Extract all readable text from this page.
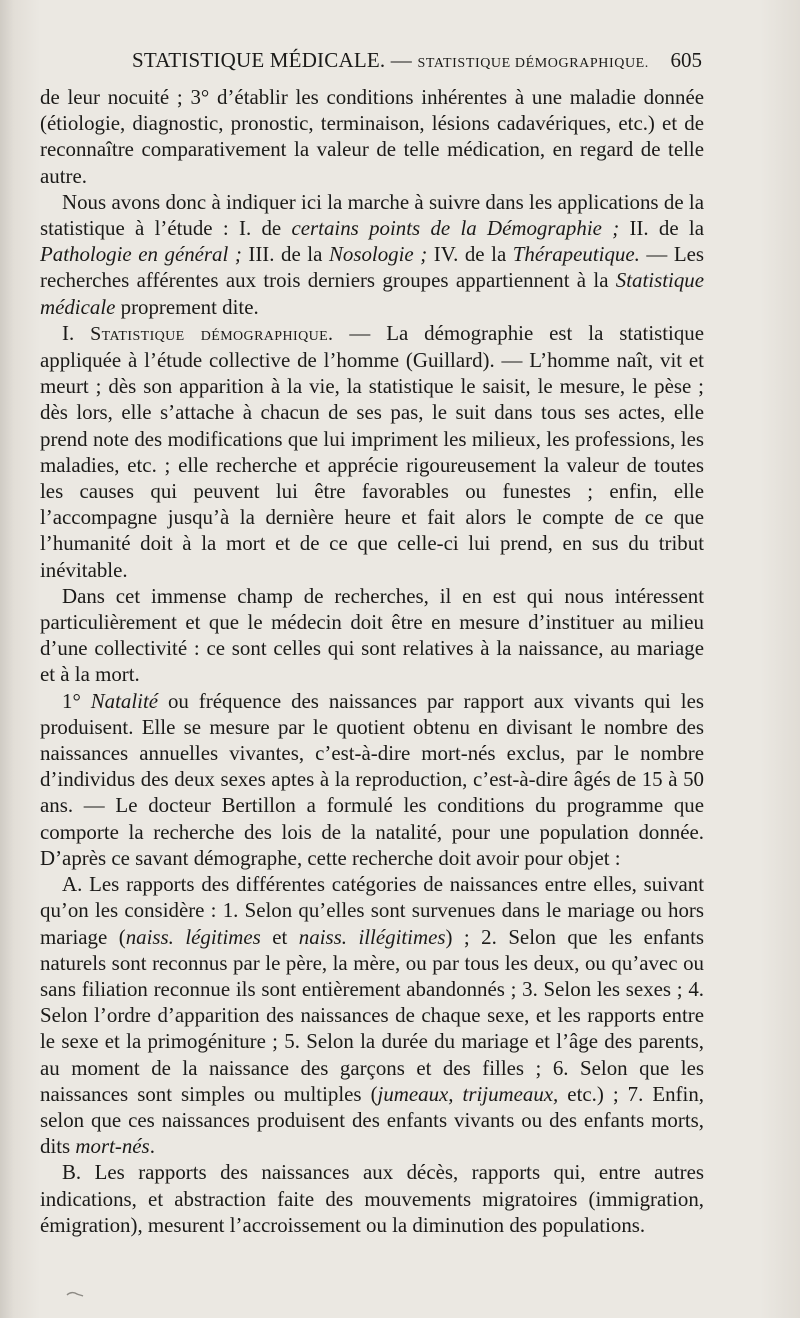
STATISTIQUE MÉDICALE. — STATISTIQUE DÉMOGRAPHIQUE. 605

de leur nocuité ; 3° d’établir les conditions inhérentes à une maladie donnée (étiologie, diagnostic, pronostic, terminaison, lésions cadavériques, etc.) et de reconnaître comparativement la valeur de telle médication, en regard de telle autre.

Nous avons donc à indiquer ici la marche à suivre dans les applications de la statistique à l’étude : I. de certains points de la Démographie ; II. de la Pathologie en général ; III. de la Nosologie ; IV. de la Thérapeutique. — Les recherches afférentes aux trois derniers groupes appartiennent à la Statistique médicale proprement dite.

I. Statistique démographique. — La démographie est la statistique appliquée à l’étude collective de l’homme (Guillard). — L’homme naît, vit et meurt ; dès son apparition à la vie, la statistique le saisit, le mesure, le pèse ; dès lors, elle s’attache à chacun de ses pas, le suit dans tous ses actes, elle prend note des modifications que lui impriment les milieux, les professions, les maladies, etc. ; elle recherche et apprécie rigoureusement la valeur de toutes les causes qui peuvent lui être favorables ou funestes ; enfin, elle l’accompagne jusqu’à la dernière heure et fait alors le compte de ce que l’humanité doit à la mort et de ce que celle-ci lui prend, en sus du tribut inévitable.

Dans cet immense champ de recherches, il en est qui nous intéressent particulièrement et que le médecin doit être en mesure d’instituer au milieu d’une collectivité : ce sont celles qui sont relatives à la naissance, au mariage et à la mort.

1° Natalité ou fréquence des naissances par rapport aux vivants qui les produisent. Elle se mesure par le quotient obtenu en divisant le nombre des naissances annuelles vivantes, c’est-à-dire mort-nés exclus, par le nombre d’individus des deux sexes aptes à la reproduction, c’est-à-dire âgés de 15 à 50 ans. — Le docteur Bertillon a formulé les conditions du programme que comporte la recherche des lois de la natalité, pour une population donnée. D’après ce savant démographe, cette recherche doit avoir pour objet :

A. Les rapports des différentes catégories de naissances entre elles, suivant qu’on les considère : 1. Selon qu’elles sont survenues dans le mariage ou hors mariage (naiss. légitimes et naiss. illégitimes) ; 2. Selon que les enfants naturels sont reconnus par le père, la mère, ou par tous les deux, ou qu’avec ou sans filiation reconnue ils sont entièrement abandonnés ; 3. Selon les sexes ; 4. Selon l’ordre d’apparition des naissances de chaque sexe, et les rapports entre le sexe et la primogéniture ; 5. Selon la durée du mariage et l’âge des parents, au moment de la naissance des garçons et des filles ; 6. Selon que les naissances sont simples ou multiples (jumeaux, trijumeaux, etc.) ; 7. Enfin, selon que ces naissances produisent des enfants vivants ou des enfants morts, dits mort-nés.

B. Les rapports des naissances aux décès, rapports qui, entre autres indications, et abstraction faite des mouvements migratoires (immigration, émigration), mesurent l’accroissement ou la diminution des populations.
